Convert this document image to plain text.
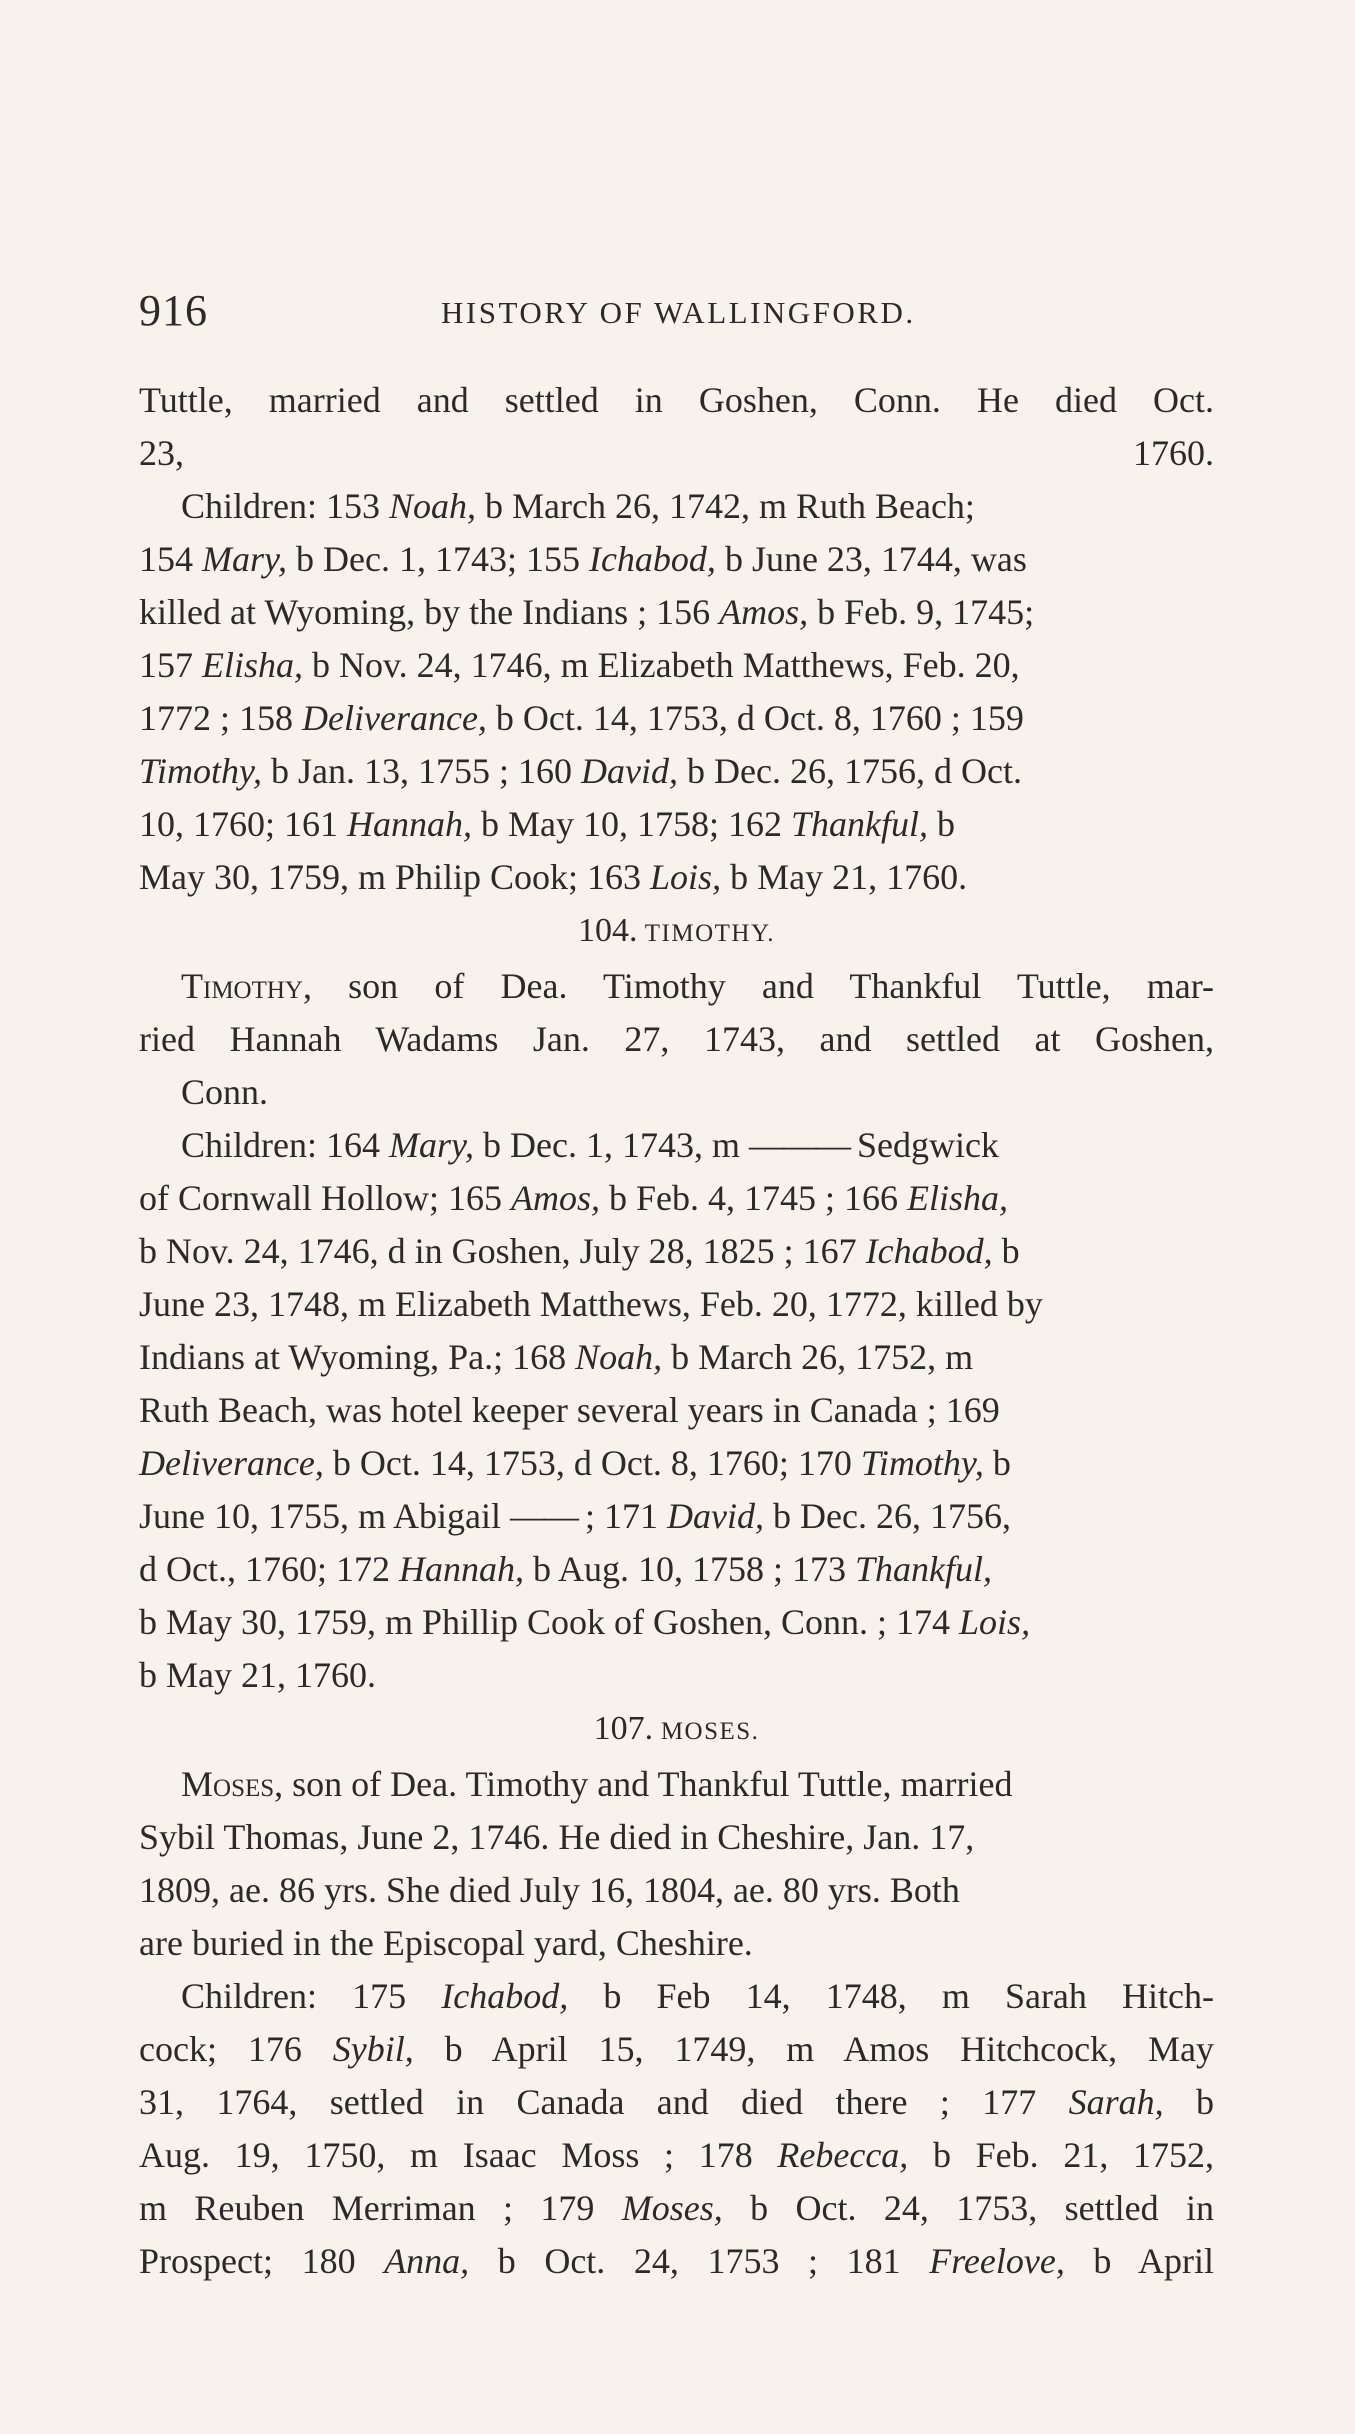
916	HISTORY OF WALLINGFORD.

Tuttle, married and settled in Goshen, Conn. He died Oct.
23, 1760.

Children: 153 Noah, b March 26, 1742, m Ruth Beach;
154 Mary, b Dec. 1, 1743; 155 Ichabod, b June 23, 1744, was
killed at Wyoming, by the Indians ; 156 Amos, b Feb. 9, 1745;
157 Elisha, b Nov. 24, 1746, m Elizabeth Matthews, Feb. 20,
1772 ; 158 Deliverance, b Oct. 14, 1753, d Oct. 8, 1760 ; 159
Timothy, b Jan. 13, 1755 ; 160 David, b Dec. 26, 1756, d Oct.
10, 1760; 161 Hannah, b May 10, 1758; 162 Thankful, b
May 30, 1759, m Philip Cook; 163 Lois, b May 21, 1760.

104. TIMOTHY.

Timothy, son of Dea. Timothy and Thankful Tuttle, mar-
ried Hannah Wadams Jan. 27, 1743, and settled at Goshen,
Conn.

Children: 164 Mary, b Dec. 1, 1743, m ——— Sedgwick
of Cornwall Hollow; 165 Amos, b Feb. 4, 1745 ; 166 Elisha,
b Nov. 24, 1746, d in Goshen, July 28, 1825 ; 167 Ichabod, b
June 23, 1748, m Elizabeth Matthews, Feb. 20, 1772, killed by
Indians at Wyoming, Pa.; 168 Noah, b March 26, 1752, m
Ruth Beach, was hotel keeper several years in Canada ; 169
Deliverance, b Oct. 14, 1753, d Oct. 8, 1760; 170 Timothy, b
June 10, 1755, m Abigail —— ; 171 David, b Dec. 26, 1756,
d Oct., 1760; 172 Hannah, b Aug. 10, 1758 ; 173 Thankful,
b May 30, 1759, m Phillip Cook of Goshen, Conn. ; 174 Lois,
b May 21, 1760.

107. MOSES.

Moses, son of Dea. Timothy and Thankful Tuttle, married
Sybil Thomas, June 2, 1746. He died in Cheshire, Jan. 17,
1809, ae. 86 yrs. She died July 16, 1804, ae. 80 yrs. Both
are buried in the Episcopal yard, Cheshire.

Children: 175 Ichabod, b Feb 14, 1748, m Sarah Hitch-
cock; 176 Sybil, b April 15, 1749, m Amos Hitchcock, May
31, 1764, settled in Canada and died there ; 177 Sarah, b
Aug. 19, 1750, m Isaac Moss ; 178 Rebecca, b Feb. 21, 1752,
m Reuben Merriman ; 179 Moses, b Oct. 24, 1753, settled in
Prospect; 180 Anna, b Oct. 24, 1753 ; 181 Freelove, b April
